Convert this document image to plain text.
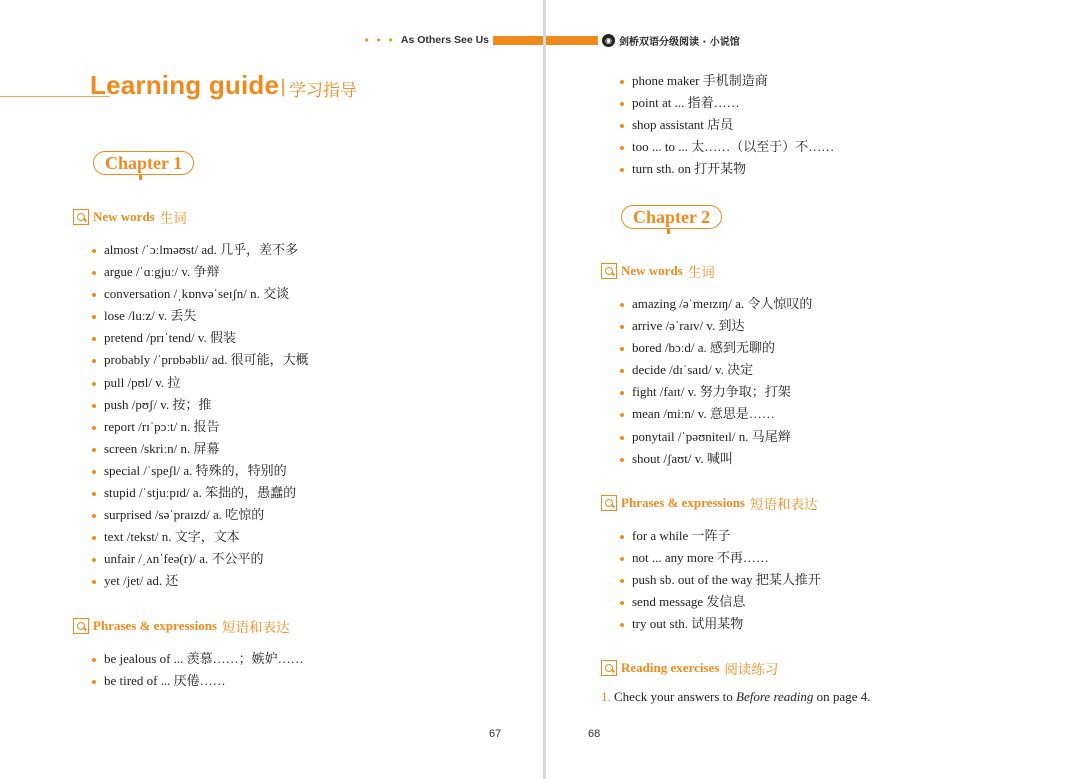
• • • As Others See Us
Learning guide | 学习指导
Chapter 1
New words 生词
almost /ˈɔːlməʊst/ ad. 几乎，差不多
argue /ˈɑːgjuː/ v. 争辩
conversation /ˌkɒnvəˈseɪʃn/ n. 交谈
lose /luːz/ v. 丢失
pretend /prɪˈtend/ v. 假装
probably /ˈprɒbəbli/ ad. 很可能，大概
pull /pʊl/ v. 拉
push /pʊʃ/ v. 按；推
report /rɪˈpɔːt/ n. 报告
screen /skriːn/ n. 屏幕
special /ˈspeʃl/ a. 特殊的，特别的
stupid /ˈstjuːpɪd/ a. 笨拙的，愚蠢的
surprised /səˈpraɪzd/ a. 吃惊的
text /tekst/ n. 文字，文本
unfair /ˌʌnˈfeə(r)/ a. 不公平的
yet /jet/ ad. 还
Phrases & expressions 短语和表达
be jealous of ... 羡慕……；嫉妒……
be tired of ... 厌倦……
67
◉ 剑桥双语分级阅读 · 小说馆
phone maker 手机制造商
point at ... 指着……
shop assistant 店员
too ... to ... 太……（以至于）不……
turn sth. on 打开某物
Chapter 2
New words 生词
amazing /əˈmeɪzɪŋ/ a. 令人惊叹的
arrive /əˈraɪv/ v. 到达
bored /bɔːd/ a. 感到无聊的
decide /dɪˈsaɪd/ v. 决定
fight /faɪt/ v. 努力争取；打架
mean /miːn/ v. 意思是……
ponytail /ˈpəʊniteɪl/ n. 马尾辫
shout /ʃaʊt/ v. 喊叫
Phrases & expressions 短语和表达
for a while 一阵子
not ... any more 不再……
push sb. out of the way 把某人推开
send message 发信息
try out sth. 试用某物
Reading exercises 阅读练习
1. Check your answers to Before reading on page 4.
68
